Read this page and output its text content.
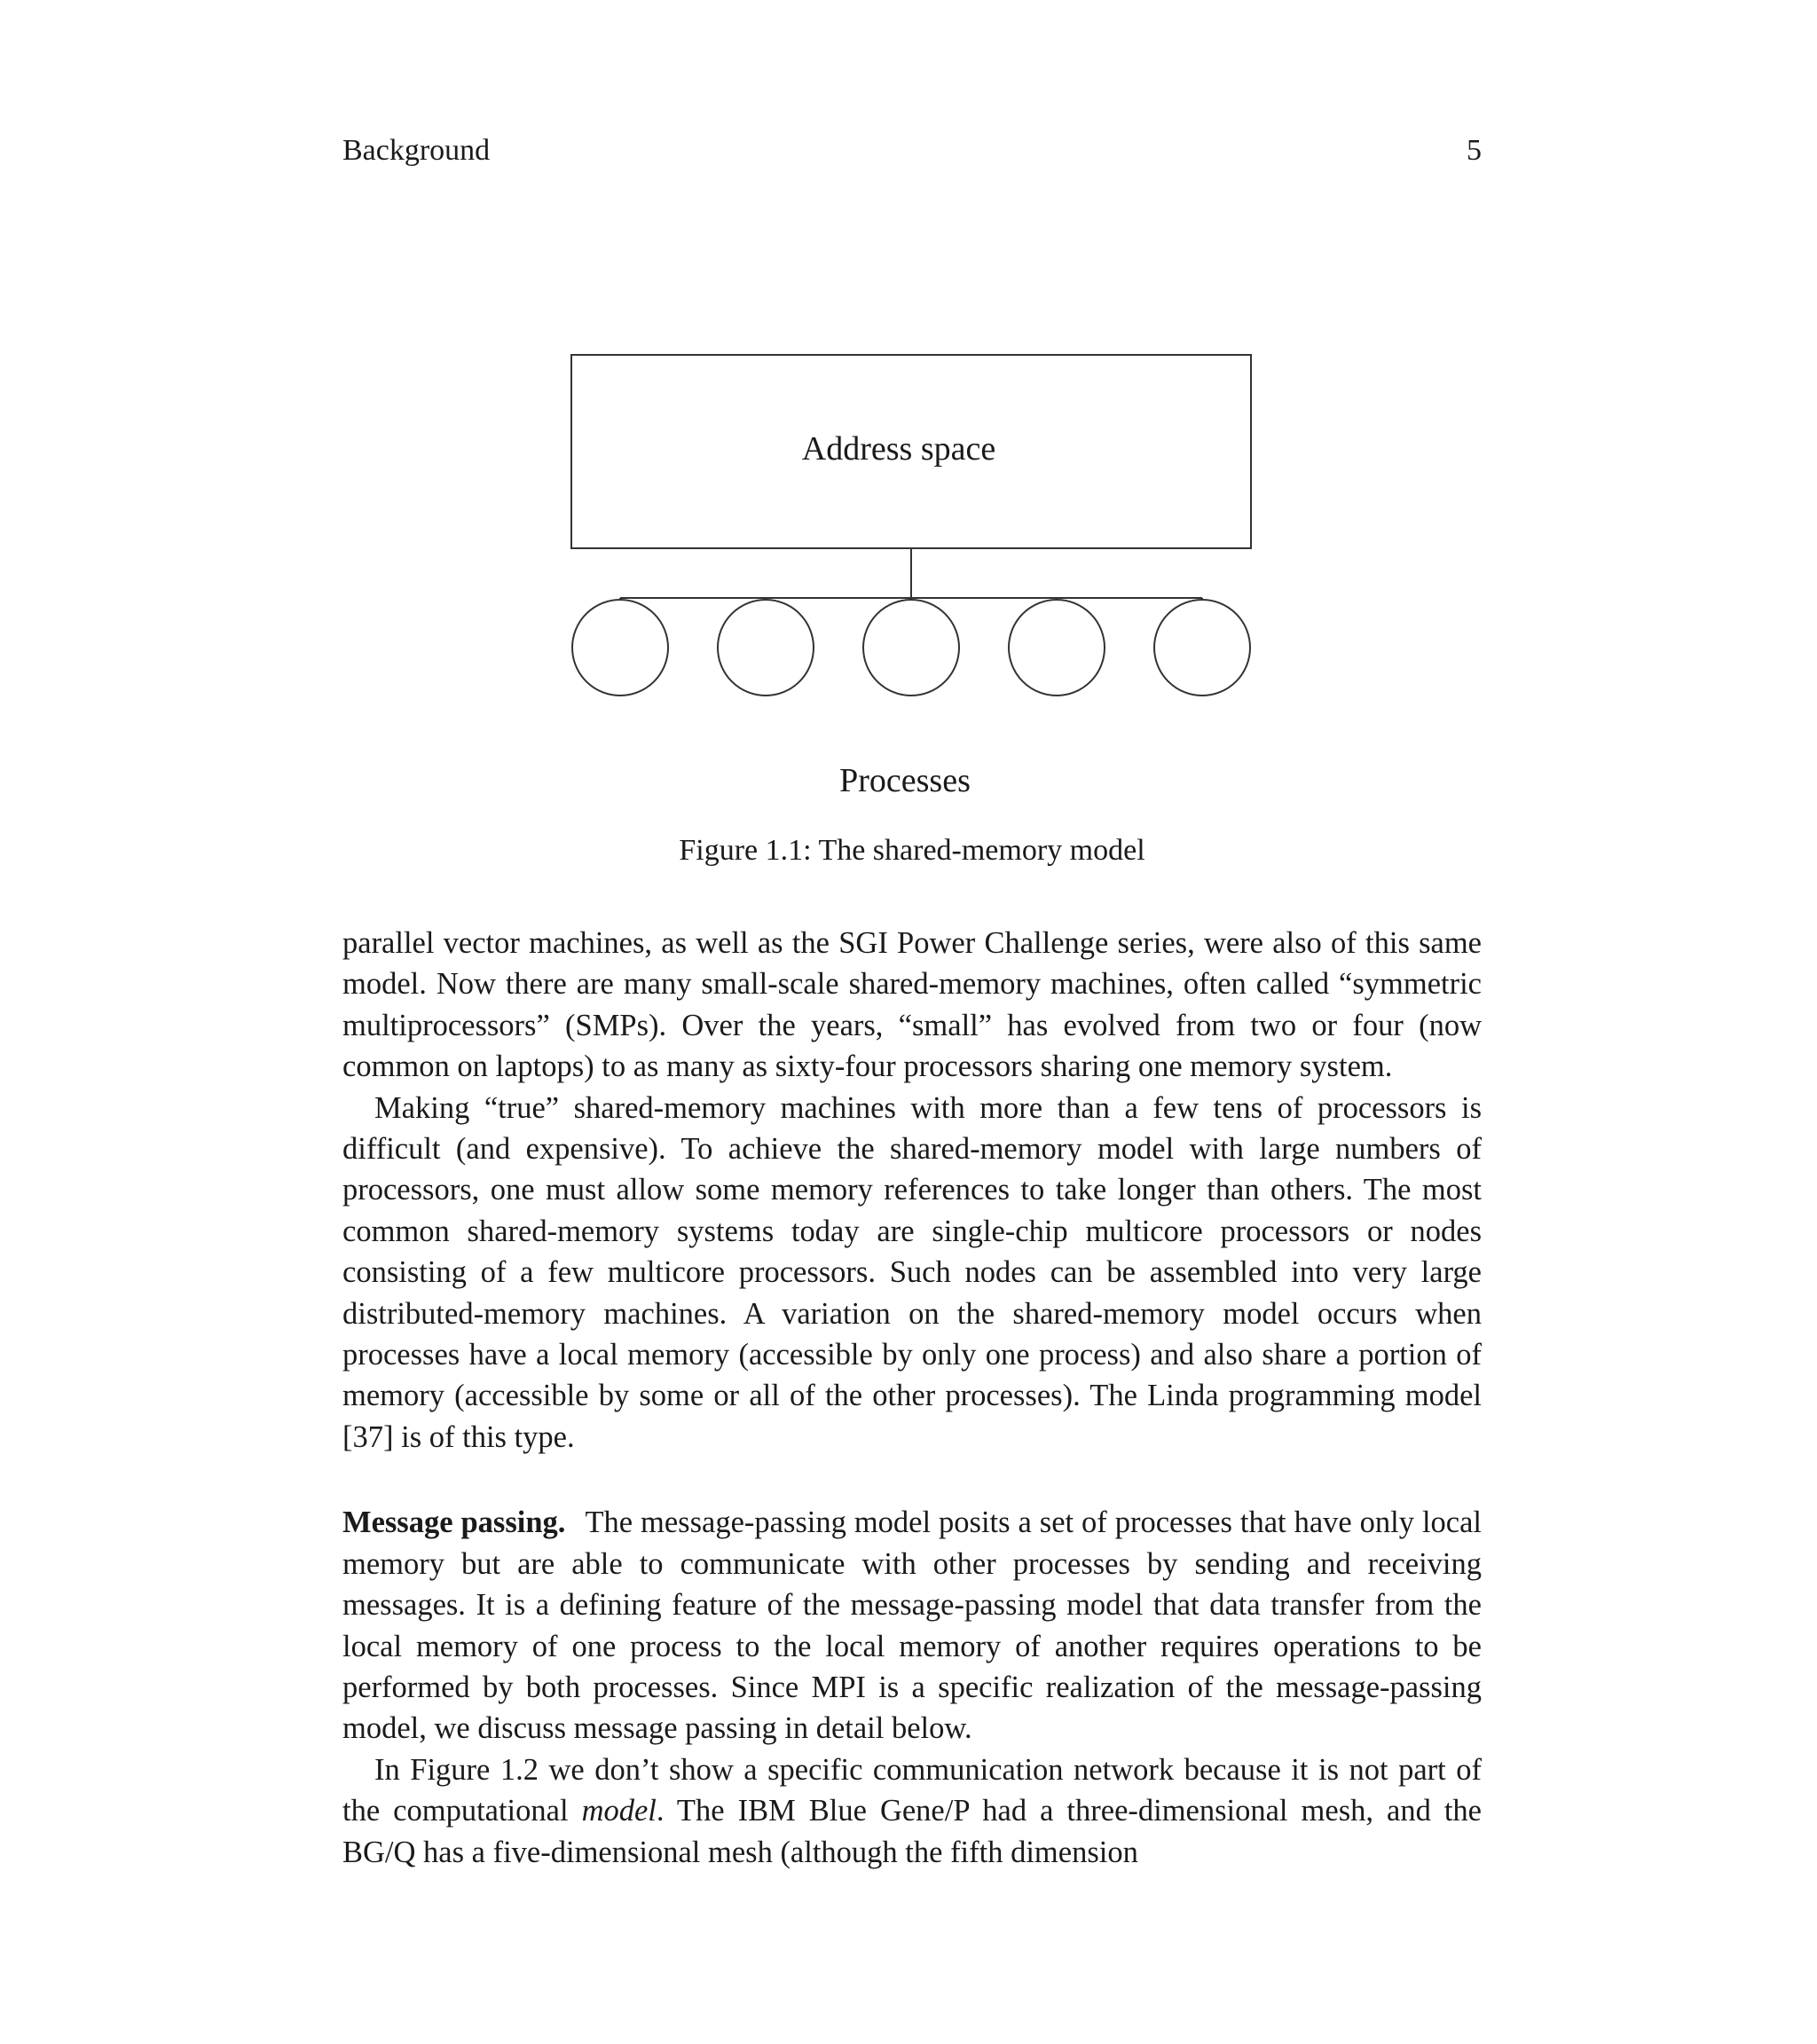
Background	5
Address space
Processes
Figure 1.1: The shared-memory model

parallel vector machines, as well as the SGI Power Challenge series, were also of this same model. Now there are many small-scale shared-memory machines, often called “symmetric multiprocessors” (SMPs). Over the years, “small” has evolved from two or four (now common on laptops) to as many as sixty-four processors sharing one memory system.

Making “true” shared-memory machines with more than a few tens of processors is difficult (and expensive). To achieve the shared-memory model with large numbers of processors, one must allow some memory references to take longer than others. The most common shared-memory systems today are single-chip multicore processors or nodes consisting of a few multicore processors. Such nodes can be assembled into very large distributed-memory machines. A variation on the shared-memory model occurs when processes have a local memory (accessible by only one process) and also share a portion of memory (accessible by some or all of the other processes). The Linda programming model [37] is of this type.

Message passing. The message-passing model posits a set of processes that have only local memory but are able to communicate with other processes by sending and receiving messages. It is a defining feature of the message-passing model that data transfer from the local memory of one process to the local memory of another requires operations to be performed by both processes. Since MPI is a specific realization of the message-passing model, we discuss message passing in detail below.

In Figure 1.2 we don’t show a specific communication network because it is not part of the computational model. The IBM Blue Gene/P had a three-dimensional mesh, and the BG/Q has a five-dimensional mesh (although the fifth dimension
